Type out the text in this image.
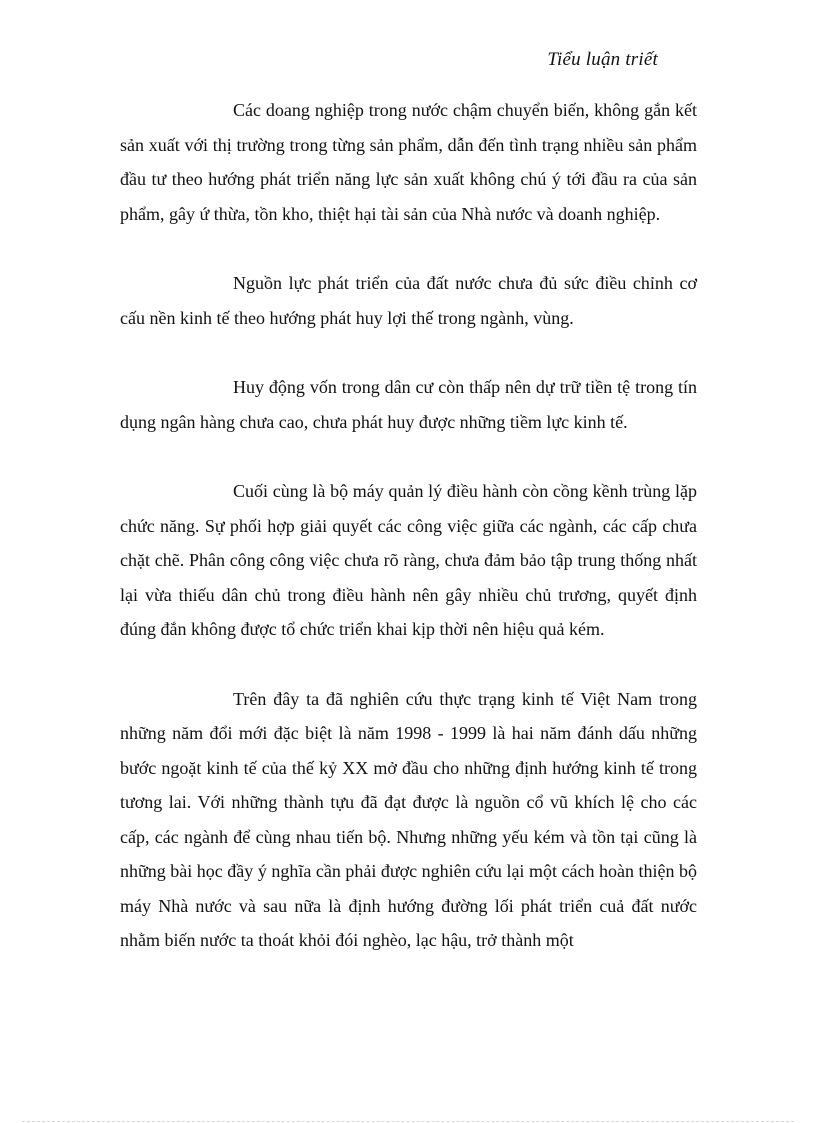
Tiểu luận triết

Các doang nghiệp trong nước chậm chuyển biến, không gắn kết sản xuất với thị trường trong từng sản phẩm, dẫn đến tình trạng nhiều sản phẩm đầu tư theo hướng phát triển năng lực sản xuất không chú ý tới đầu ra của sản phẩm, gây ứ thừa, tồn kho, thiệt hại tài sản của Nhà nước và doanh nghiệp.

Nguồn lực phát triển của đất nước chưa đủ sức điều chỉnh cơ cấu nền kinh tế theo hướng phát huy lợi thế trong ngành, vùng.

Huy động vốn trong dân cư còn thấp nên dự trữ tiền tệ trong tín dụng ngân hàng chưa cao, chưa phát huy được những tiềm lực kinh tế.

Cuối cùng là bộ máy quản lý điều hành còn cồng kềnh trùng lặp chức năng. Sự phối hợp giải quyết các công việc giữa các ngành, các cấp chưa chặt chẽ. Phân công công việc chưa rõ ràng, chưa đảm bảo tập trung thống nhất lại vừa thiếu dân chủ trong điều hành nên gây nhiều chủ trương, quyết định đúng đắn không được tổ chức triển khai kịp thời nên hiệu quả kém.

Trên đây ta đã nghiên cứu thực trạng kinh tế Việt Nam trong những năm đổi mới đặc biệt là năm 1998 - 1999 là hai năm đánh dấu những bước ngoặt kinh tế của thế kỷ XX mở đầu cho những định hướng kinh tế trong tương lai. Với những thành tựu đã đạt được là nguồn cổ vũ khích lệ cho các cấp, các ngành để cùng nhau tiến bộ. Nhưng những yếu kém và tồn tại cũng là những bài học đầy ý nghĩa cần phải được nghiên cứu lại một cách hoàn thiện bộ máy Nhà nước và sau nữa là định hướng đường lối phát triển cuả đất nước nhằm biến nước ta thoát khỏi đói nghèo, lạc hậu, trở thành một
